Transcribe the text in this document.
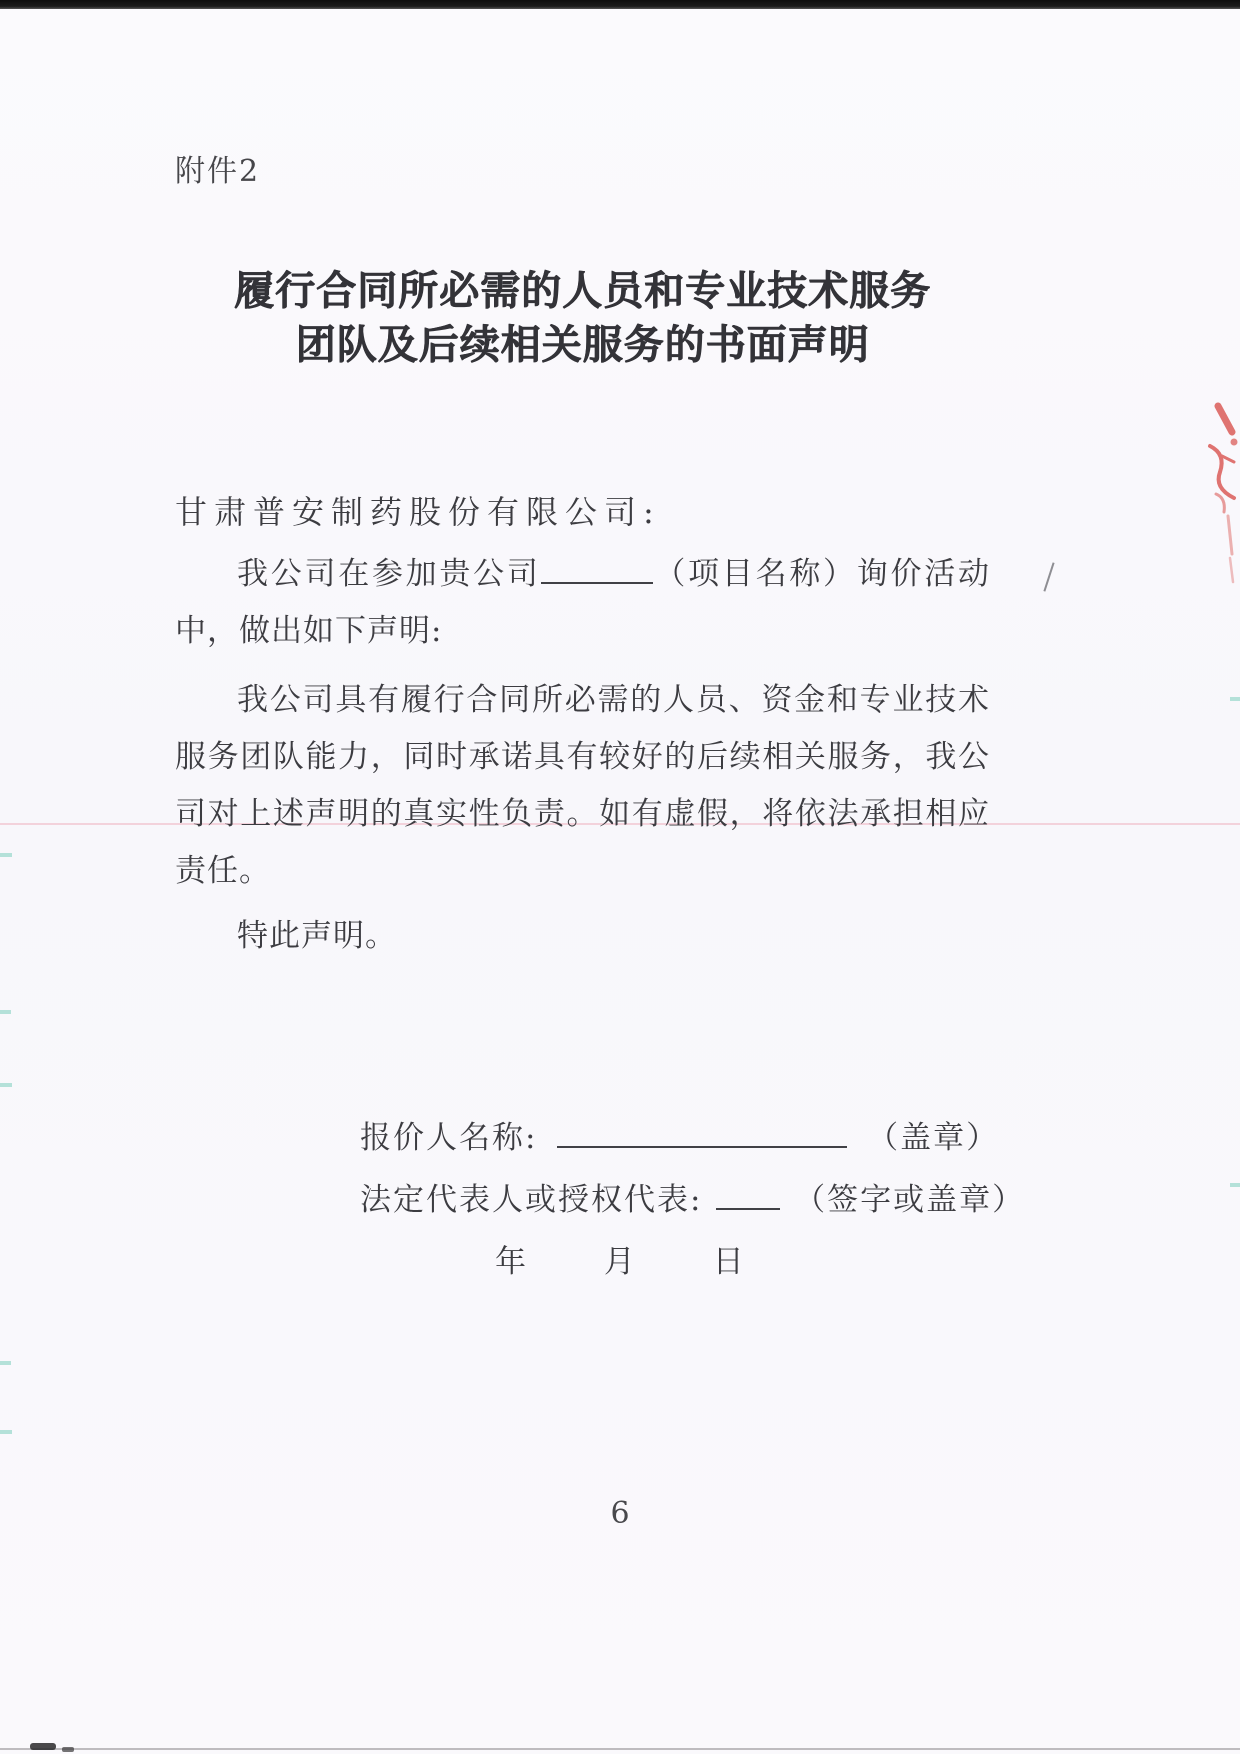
附件2
履行合同所必需的人员和专业技术服务
团队及后续相关服务的书面声明

甘肃普安制药股份有限公司:

我公司在参加贵公司	（项目名称）询价活动中，做出如下声明:

我公司具有履行合同所必需的人员、资金和专业技术服务团队能力，同时承诺具有较好的后续相关服务，我公司对上述声明的真实性负责。如有虚假，将依法承担相应责任。

特此声明。

报价人名称:	（盖章）
法定代表人或授权代表:	（签字或盖章）
年 月 日
6
